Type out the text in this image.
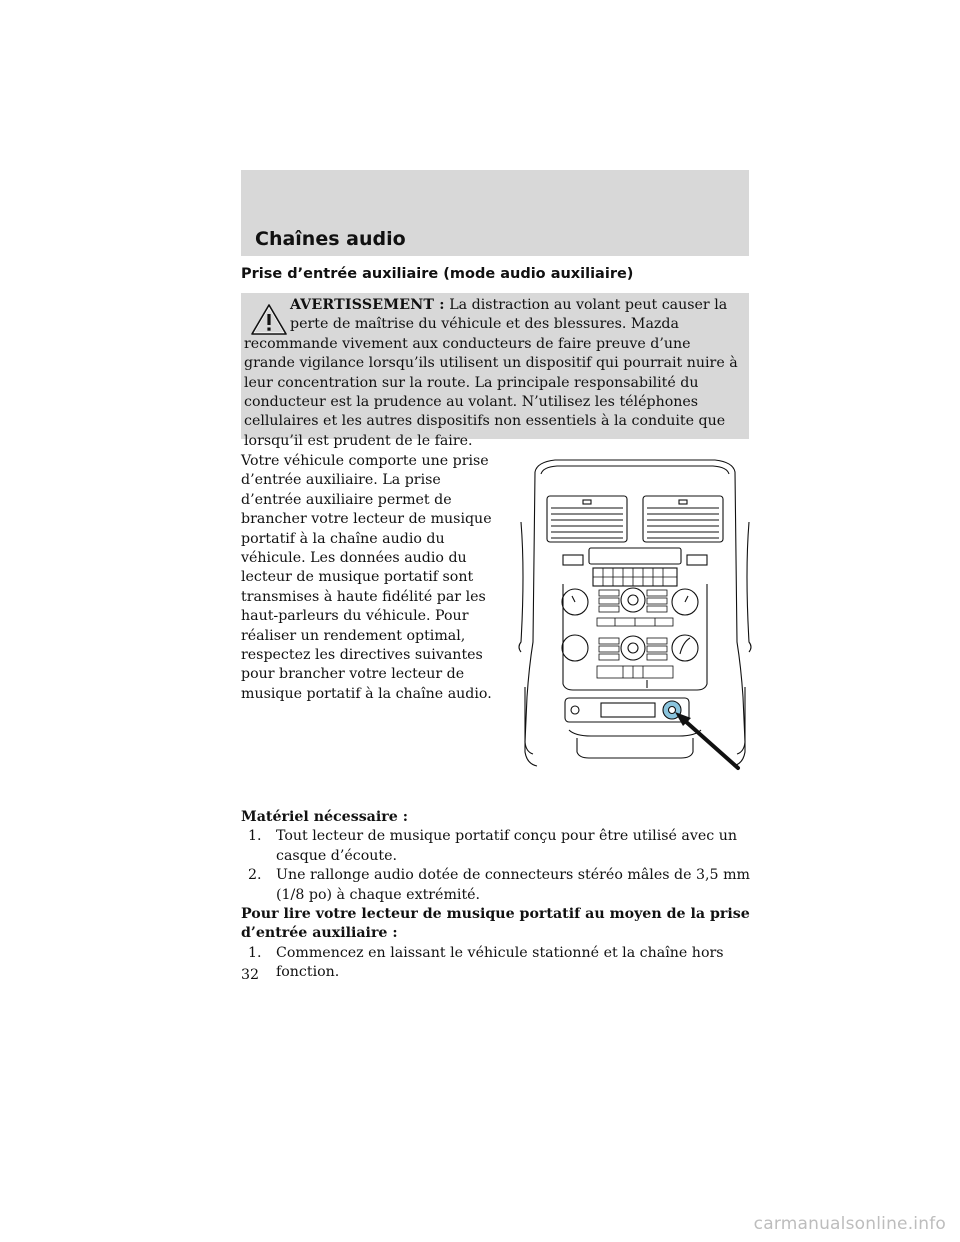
Chaînes audio
Prise d’entrée auxiliaire (mode audio auxiliaire)

AVERTISSEMENT : La distraction au volant peut causer la perte de maîtrise du véhicule et des blessures. Mazda recommande vivement aux conducteurs de faire preuve d’une grande vigilance lorsqu’ils utilisent un dispositif qui pourrait nuire à leur concentration sur la route. La principale responsabilité du conducteur est la prudence au volant. N’utilisez les téléphones cellulaires et les autres dispositifs non essentiels à la conduite que lorsqu’il est prudent de le faire.

Votre véhicule comporte une prise d’entrée auxiliaire. La prise d’entrée auxiliaire permet de brancher votre lecteur de musique portatif à la chaîne audio du véhicule. Les données audio du lecteur de musique portatif sont transmises à haute fidélité par les haut-parleurs du véhicule. Pour réaliser un rendement optimal, respectez les directives suivantes pour brancher votre lecteur de musique portatif à la chaîne audio.

Matériel nécessaire :

1. Tout lecteur de musique portatif conçu pour être utilisé avec un casque d’écoute.

2. Une rallonge audio dotée de connecteurs stéréo mâles de 3,5 mm (1/8 po) à chaque extrémité.

Pour lire votre lecteur de musique portatif au moyen de la prise d’entrée auxiliaire :

1. Commencez en laissant le véhicule stationné et la chaîne hors fonction.

32
carmanualsonline.info
